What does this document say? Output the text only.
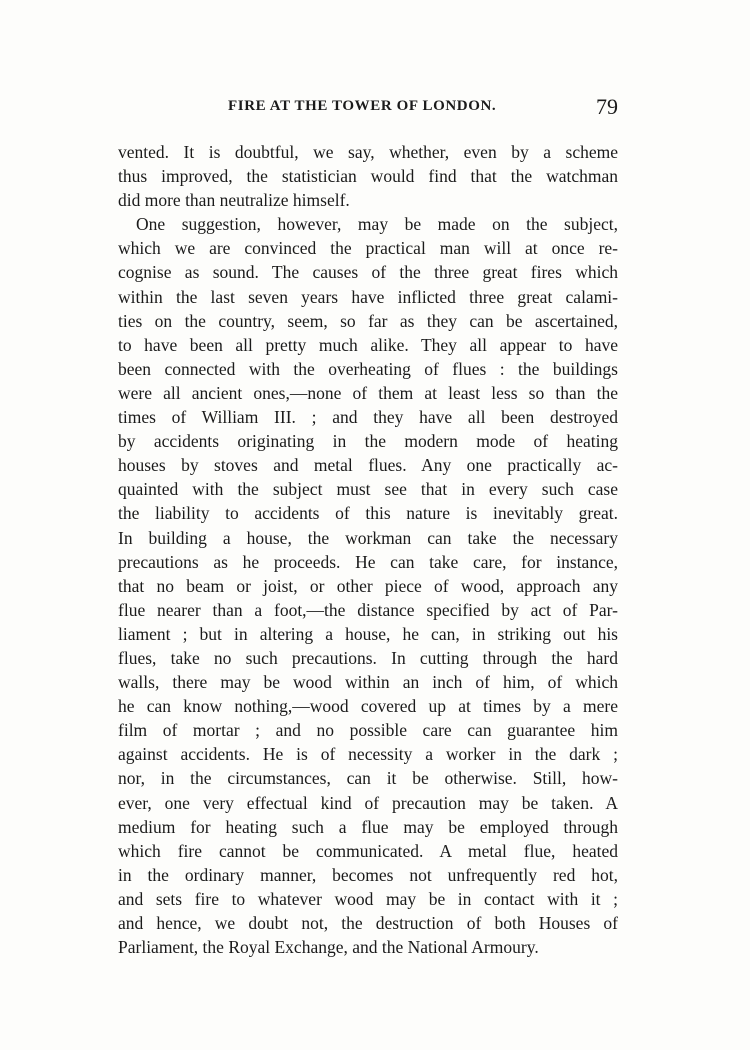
FIRE AT THE TOWER OF LONDON.	79
vented. It is doubtful, we say, whether, even by a scheme
thus improved, the statistician would find that the watchman
did more than neutralize himself.
One suggestion, however, may be made on the subject,
which we are convinced the practical man will at once re-
cognise as sound. The causes of the three great fires which
within the last seven years have inflicted three great calami-
ties on the country, seem, so far as they can be ascertained,
to have been all pretty much alike. They all appear to have
been connected with the overheating of flues : the buildings
were all ancient ones,—none of them at least less so than the
times of William III. ; and they have all been destroyed
by accidents originating in the modern mode of heating
houses by stoves and metal flues. Any one practically ac-
quainted with the subject must see that in every such case
the liability to accidents of this nature is inevitably great.
In building a house, the workman can take the necessary
precautions as he proceeds. He can take care, for instance,
that no beam or joist, or other piece of wood, approach any
flue nearer than a foot,—the distance specified by act of Par-
liament ; but in altering a house, he can, in striking out his
flues, take no such precautions. In cutting through the hard
walls, there may be wood within an inch of him, of which
he can know nothing,—wood covered up at times by a mere
film of mortar ; and no possible care can guarantee him
against accidents. He is of necessity a worker in the dark ;
nor, in the circumstances, can it be otherwise. Still, how-
ever, one very effectual kind of precaution may be taken. A
medium for heating such a flue may be employed through
which fire cannot be communicated. A metal flue, heated
in the ordinary manner, becomes not unfrequently red hot,
and sets fire to whatever wood may be in contact with it ;
and hence, we doubt not, the destruction of both Houses of
Parliament, the Royal Exchange, and the National Armoury.
